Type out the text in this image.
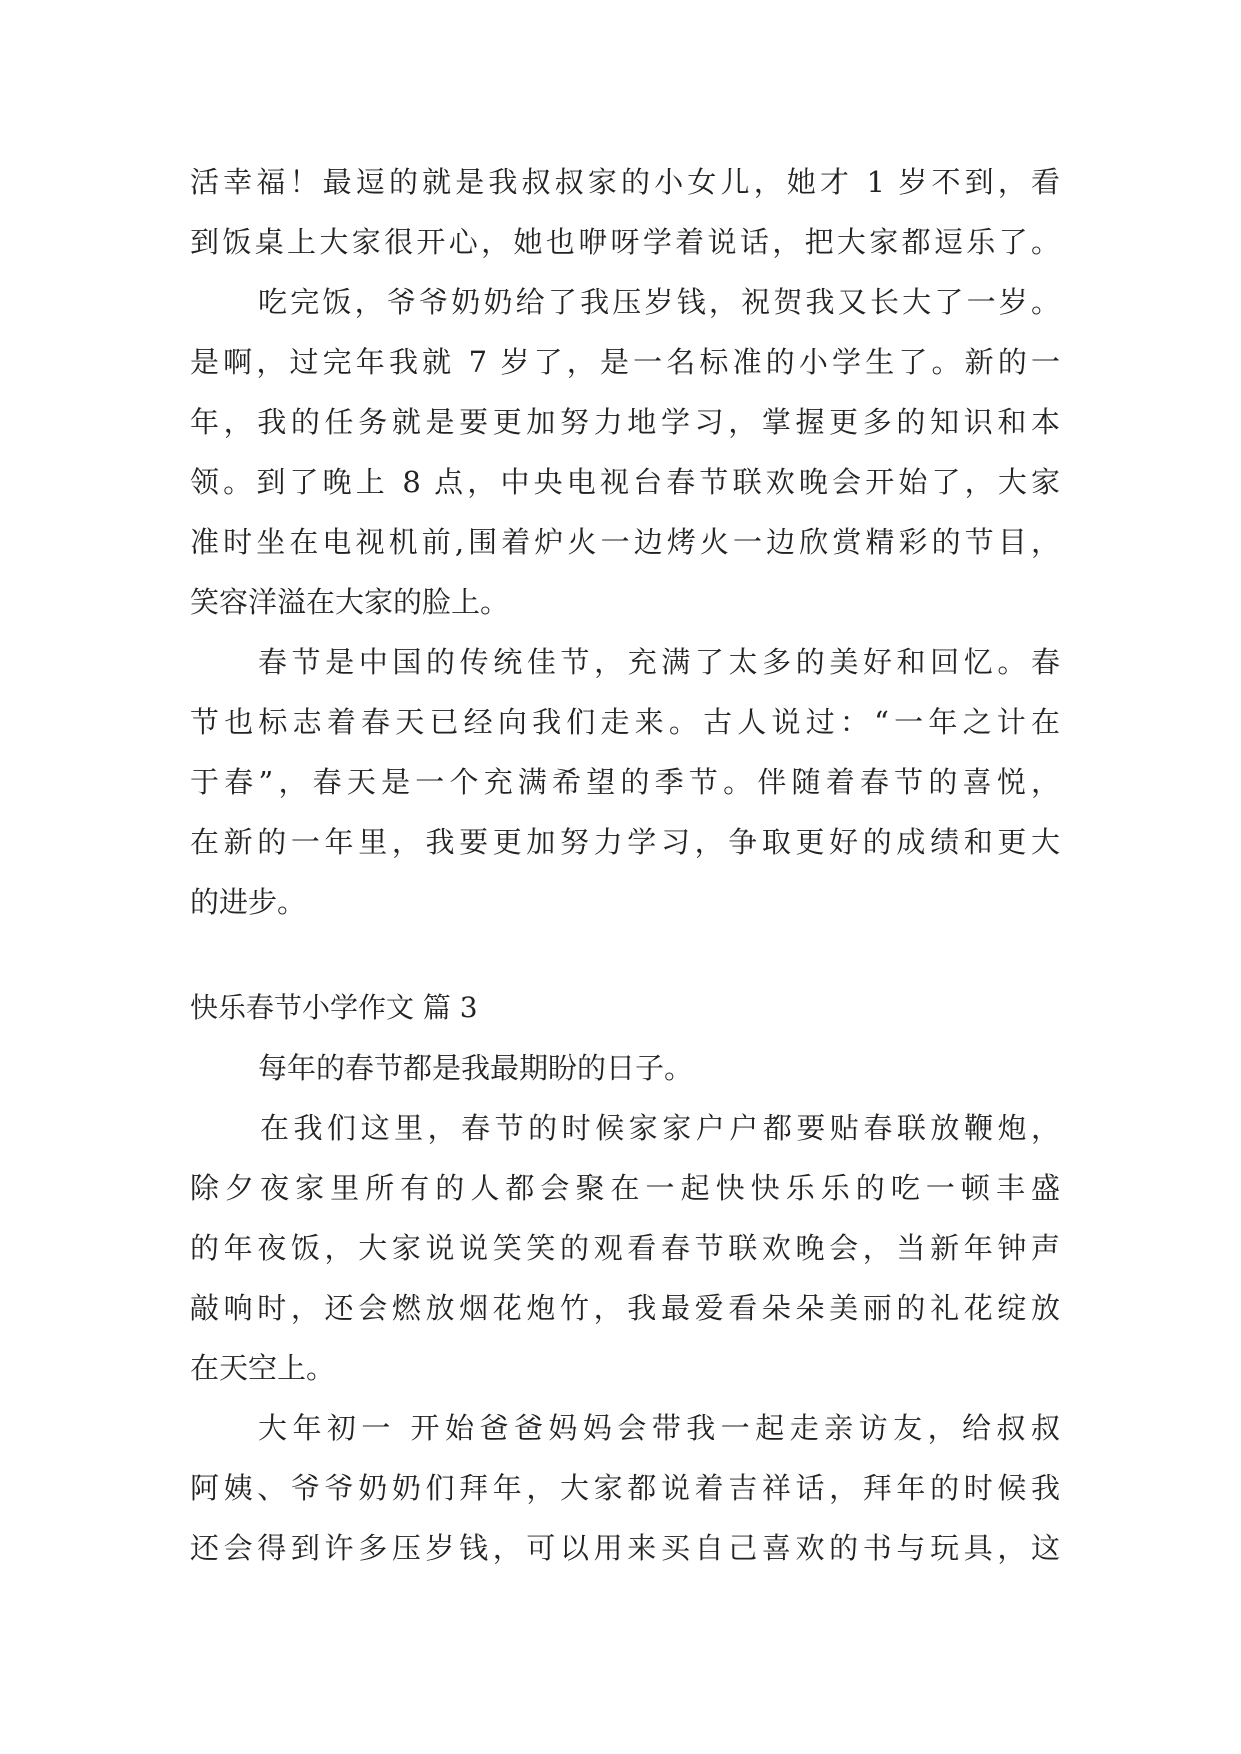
活幸福！最逗的就是我叔叔家的小女儿，她才 1 岁不到，看

到饭桌上大家很开心，她也咿呀学着说话，把大家都逗乐了。

吃完饭，爷爷奶奶给了我压岁钱，祝贺我又长大了一岁。

是啊，过完年我就 7 岁了，是一名标准的小学生了。新的一

年，我的任务就是要更加努力地学习，掌握更多的知识和本

领。到了晚上 8 点，中央电视台春节联欢晚会开始了，大家

准时坐在电视机前,围着炉火一边烤火一边欣赏精彩的节目，

笑容洋溢在大家的脸上。

春节是中国的传统佳节，充满了太多的美好和回忆。春

节也标志着春天已经向我们走来。古人说过：“一年之计在

于春”，春天是一个充满希望的季节。伴随着春节的喜悦，

在新的一年里，我要更加努力学习，争取更好的成绩和更大

的进步。

快乐春节小学作文 篇 3

每年的春节都是我最期盼的日子。

在我们这里，春节的时候家家户户都要贴春联放鞭炮，

除夕夜家里所有的人都会聚在一起快快乐乐的吃一顿丰盛

的年夜饭，大家说说笑笑的观看春节联欢晚会，当新年钟声

敲响时，还会燃放烟花炮竹，我最爱看朵朵美丽的礼花绽放

在天空上。

大年初一 开始爸爸妈妈会带我一起走亲访友，给叔叔

阿姨、爷爷奶奶们拜年，大家都说着吉祥话，拜年的时候我

还会得到许多压岁钱，可以用来买自己喜欢的书与玩具，这
